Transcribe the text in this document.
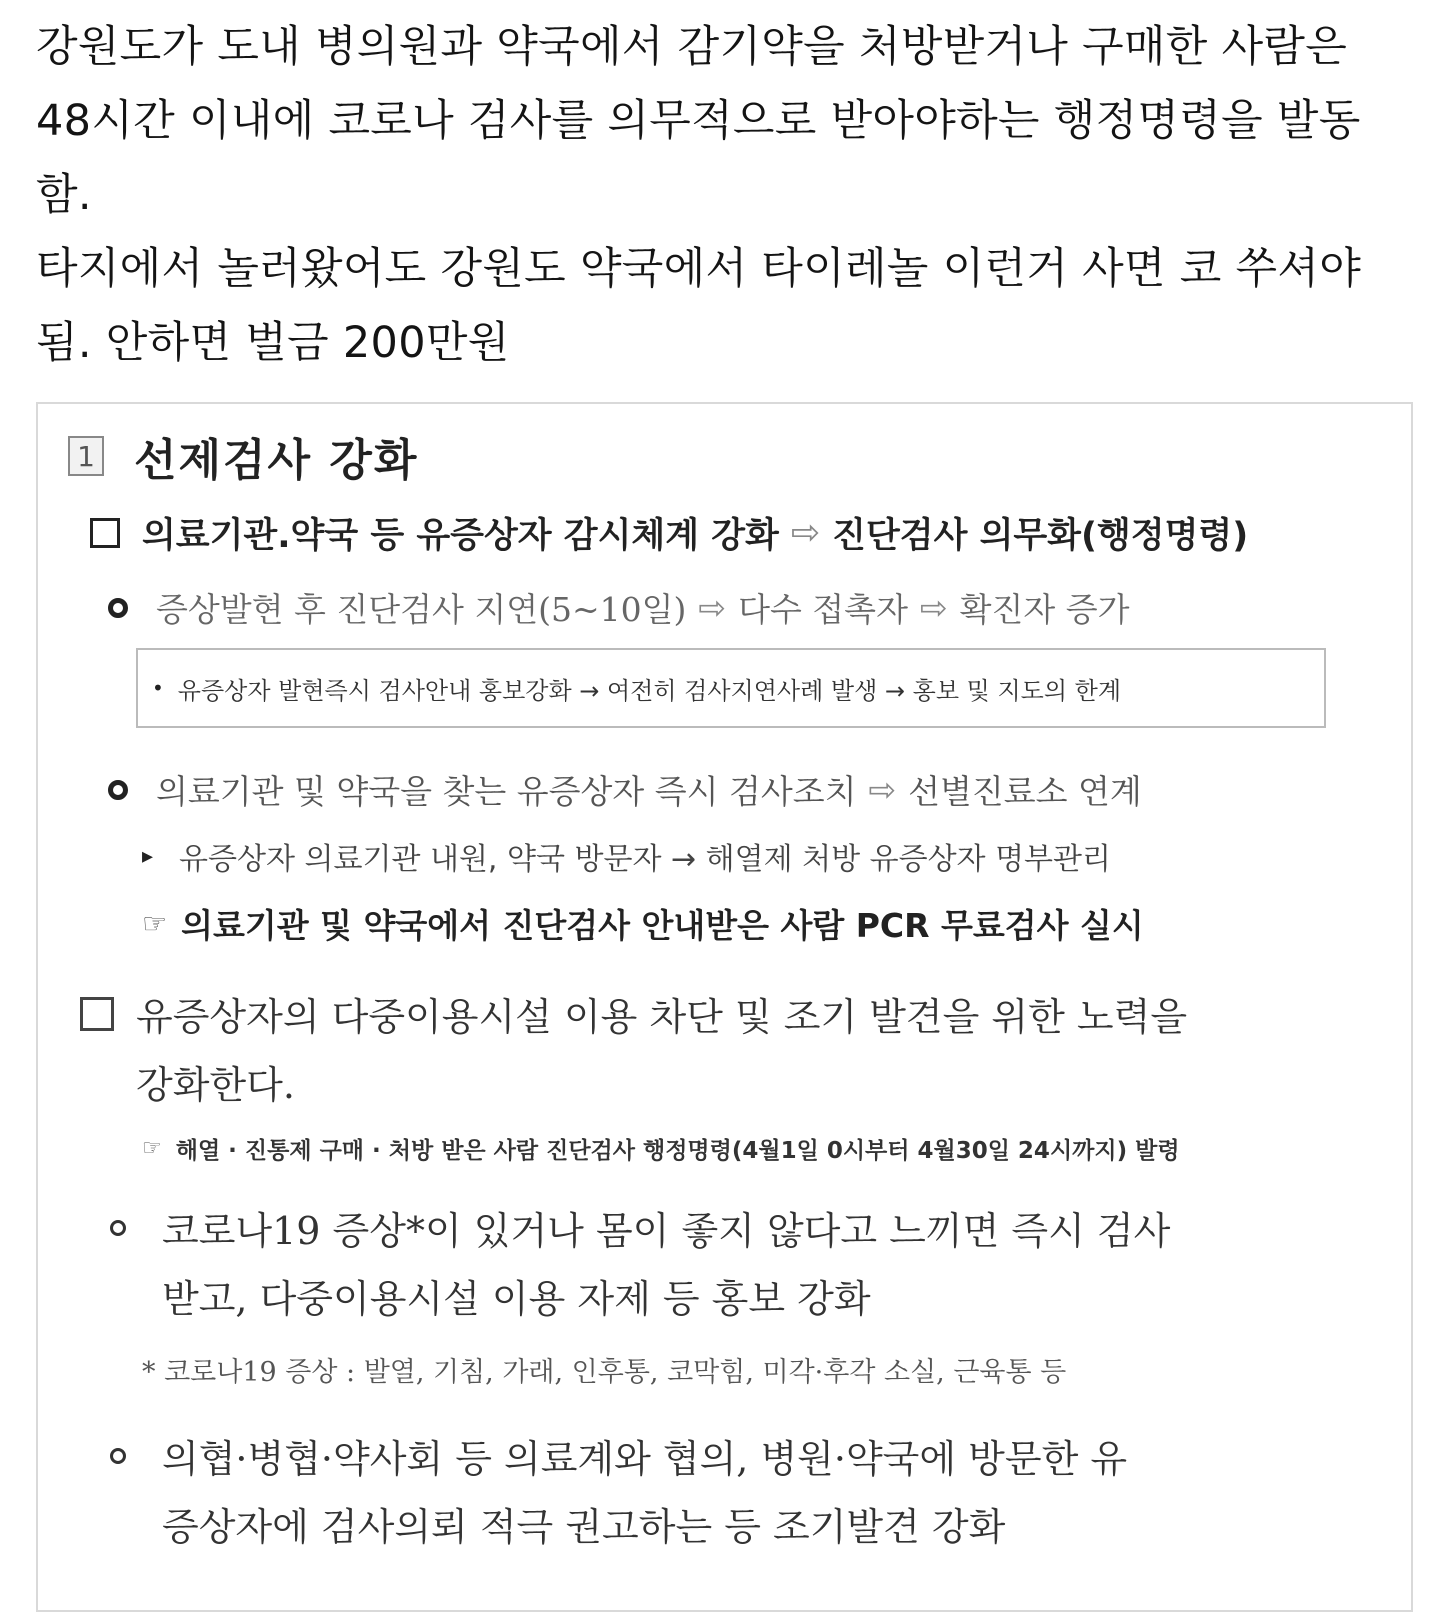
강원도가 도내 병의원과 약국에서 감기약을 처방받거나 구매한 사람은

48시간 이내에 코로나 검사를 의무적으로 받아야하는 행정명령을 발동

함.

타지에서 놀러왔어도 강원도 약국에서 타이레놀 이런거 사면 코 쑤셔야

됨. 안하면 벌금 200만원

1 선제검사 강화
의료기관.약국 등 유증상자 감시체계 강화 ⇨ 진단검사 의무화(행정명령)
증상발현 후 진단검사 지연(5~10일) ⇨ 다수 접촉자 ⇨ 확진자 증가
• 유증상자 발현즉시 검사안내 홍보강화 → 여전히 검사지연사례 발생 → 홍보 및 지도의 한계
의료기관 및 약국을 찾는 유증상자 즉시 검사조치 ⇨ 선별진료소 연계
▸ 유증상자 의료기관 내원, 약국 방문자 → 해열제 처방 유증상자 명부관리
☞ 의료기관 및 약국에서 진단검사 안내받은 사람 PCR 무료검사 실시
유증상자의 다중이용시설 이용 차단 및 조기 발견을 위한 노력을
강화한다.
☞ 해열 · 진통제 구매 · 처방 받은 사람 진단검사 행정명령(4월1일 0시부터 4월30일 24시까지) 발령
코로나19 증상*이 있거나 몸이 좋지 않다고 느끼면 즉시 검사
받고, 다중이용시설 이용 자제 등 홍보 강화
* 코로나19 증상 : 발열, 기침, 가래, 인후통, 코막힘, 미각·후각 소실, 근육통 등
의협·병협·약사회 등 의료계와 협의, 병원·약국에 방문한 유
증상자에 검사의뢰 적극 권고하는 등 조기발견 강화
